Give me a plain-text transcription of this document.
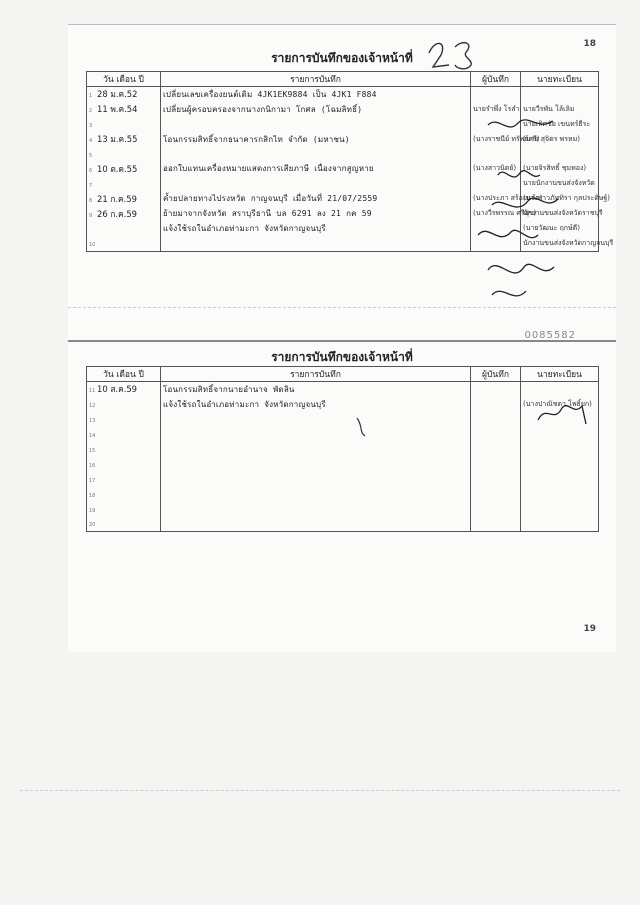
18
รายการบันทึกของเจ้าหน้าที่
วัน เดือน ปี	รายการบันทึก	ผู้บันทึก	นายทะเบียน
1 28 ม.ค.52	เปลี่ยนเลขเครื่องยนต์เดิม 4JK1EK9884 เป็น 4JK1 F884		
2 11 พ.ค.54	เปลี่ยนผู้ครอบครองจากนางกนิกามา โกศล (โฉมลิทธิ์)	นายรำพึ่ง โรลำ	นายวีรพัน โล้เลิม
3			นายเลิศชัย เขนทร์ธีระ
4 13 ม.ค.55	โอนกรรมสิทธิ์จากธนาคารกสิกไท จำกัด (มหาชน)	(นางราชนีย์ ทรัพย์ศรี)	(นาย สุจิตร พรหม)
5			
6 10 ต.ค.55	ออกใบแทนเครื่องหมายแสดงการเสียภาษี เนื่องจากสูญหาย	(นางสาวนิตย์)	(นายจิรสิทธิ์ ชุมทอง)
7			นายนักงานขนส่งจังหวัด
8 21 ก.ค.59	ค้ำยปลายทางไปรงหวัด กาญจนบุรี เมื่อวันที่ 21/07/2559	(นางประภา สร้อยแก้ว)	(นางสาวภัททิรา กุลประดิษฐ์)
9 26 ก.ค.59	ย้ายมาจากจังหวัด สราบุรีธานี บล 6291 ลง 21 กค 59	(นางวีรพรรณ ศรีสุข)	นักงานขนส่งจังหวัดราชบุรี
	แจ้งใช้รถในอำเภอท่ามะกา จังหวัดกาญจนบุรี		(นายวัฒนะ ฤกษ์ดี)
10			นักงานขนส่งจังหวัดกาญจนบุรี
0085582
รายการบันทึกของเจ้าหน้าที่
วัน เดือน ปี	รายการบันทึก	ผู้บันทึก	นายทะเบียน
11 10 ส.ค.59	โอนกรรมสิทธิ์จากนายอำนาจ พัดลิน		
12	แจ้งใช้รถในอำเภอท่ามะกา จังหวัดกาญจนบุรี		(นางปาณิชดา โพธิ์ยก)
13			
14			
15			
16			
17			
18			
19			
20			
19
